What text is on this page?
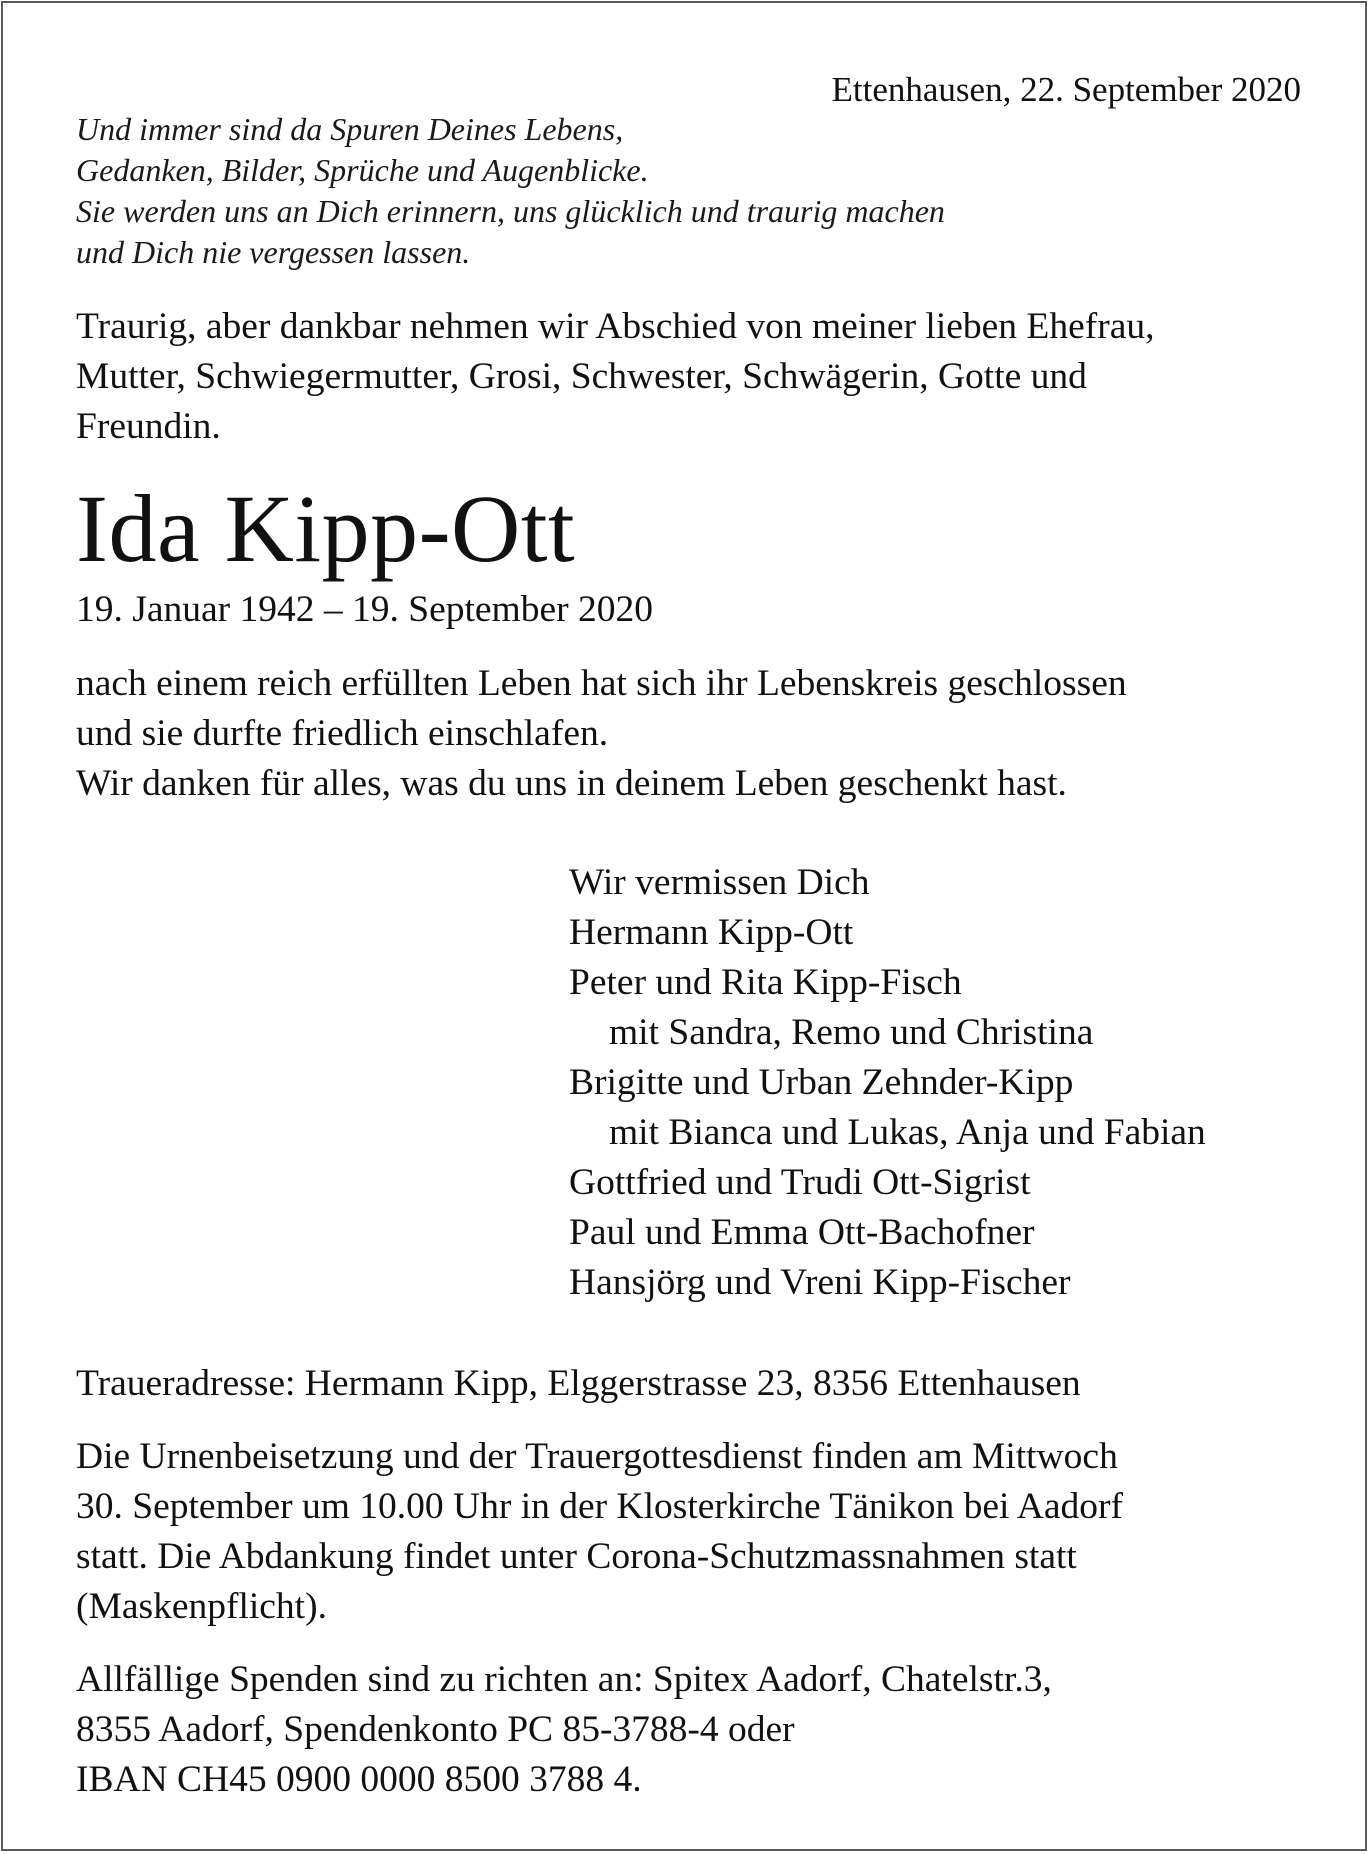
Ettenhausen, 22. September 2020
Und immer sind da Spuren Deines Lebens,
Gedanken, Bilder, Sprüche und Augenblicke.
Sie werden uns an Dich erinnern, uns glücklich und traurig machen
und Dich nie vergessen lassen.
Traurig, aber dankbar nehmen wir Abschied von meiner lieben Ehefrau,
Mutter, Schwiegermutter, Grosi, Schwester, Schwägerin, Gotte und
Freundin.
Ida Kipp-Ott
19. Januar 1942 – 19. September 2020
nach einem reich erfüllten Leben hat sich ihr Lebenskreis geschlossen
und sie durfte friedlich einschlafen.
Wir danken für alles, was du uns in deinem Leben geschenkt hast.
Wir vermissen Dich
Hermann Kipp-Ott
Peter und Rita Kipp-Fisch
mit Sandra, Remo und Christina
Brigitte und Urban Zehnder-Kipp
mit Bianca und Lukas, Anja und Fabian
Gottfried und Trudi Ott-Sigrist
Paul und Emma Ott-Bachofner
Hansjörg und Vreni Kipp-Fischer
Traueradresse: Hermann Kipp, Elggerstrasse 23, 8356 Ettenhausen
Die Urnenbeisetzung und der Trauergottesdienst finden am Mittwoch
30. September um 10.00 Uhr in der Klosterkirche Tänikon bei Aadorf
statt. Die Abdankung findet unter Corona-Schutzmassnahmen statt
(Maskenpflicht).
Allfällige Spenden sind zu richten an: Spitex Aadorf, Chatelstr.3,
8355 Aadorf, Spendenkonto PC 85-3788-4 oder
IBAN CH45 0900 0000 8500 3788 4.
